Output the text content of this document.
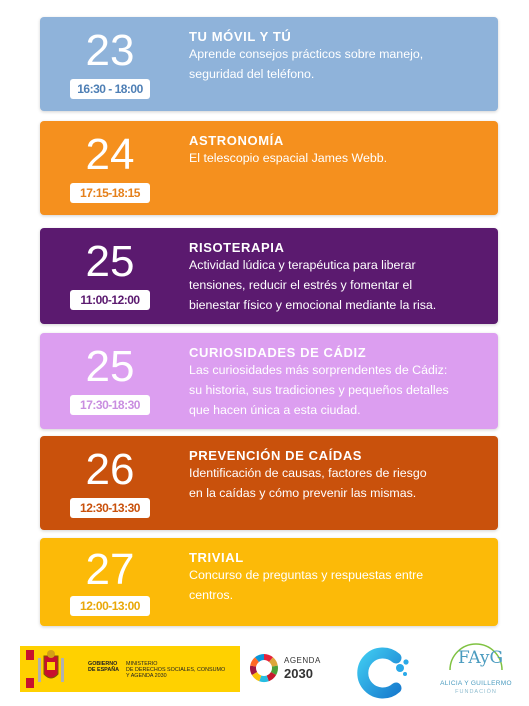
23
16:30 - 18:00
TU MÓVIL Y TÚ
Aprende consejos prácticos sobre manejo,
seguridad del teléfono.
24
17:15-18:15
ASTRONOMÍA
El telescopio espacial James Webb.
25
11:00-12:00
RISOTERAPIA
Actividad lúdica y terapéutica para liberar
tensiones, reducir el estrés y fomentar el
bienestar físico y emocional mediante la risa.
25
17:30-18:30
CURIOSIDADES DE CÁDIZ
Las curiosidades más sorprendentes de Cádiz:
su historia, sus tradiciones y pequeños detalles
que hacen única a esta ciudad.
26
12:30-13:30
PREVENCIÓN DE CAÍDAS
Identificación de causas, factores de riesgo
en la caídas y cómo prevenir las mismas.
27
12:00-13:00
TRIVIAL
Concurso de preguntas y respuestas entre
centros.
GOBIERNO
DE ESPAÑA
MINISTERIO
DE DERECHOS SOCIALES, CONSUMO
Y AGENDA 2030
AGENDA
2030
FAyG
ALICIA Y GUILLERMO
FUNDACIÓN
